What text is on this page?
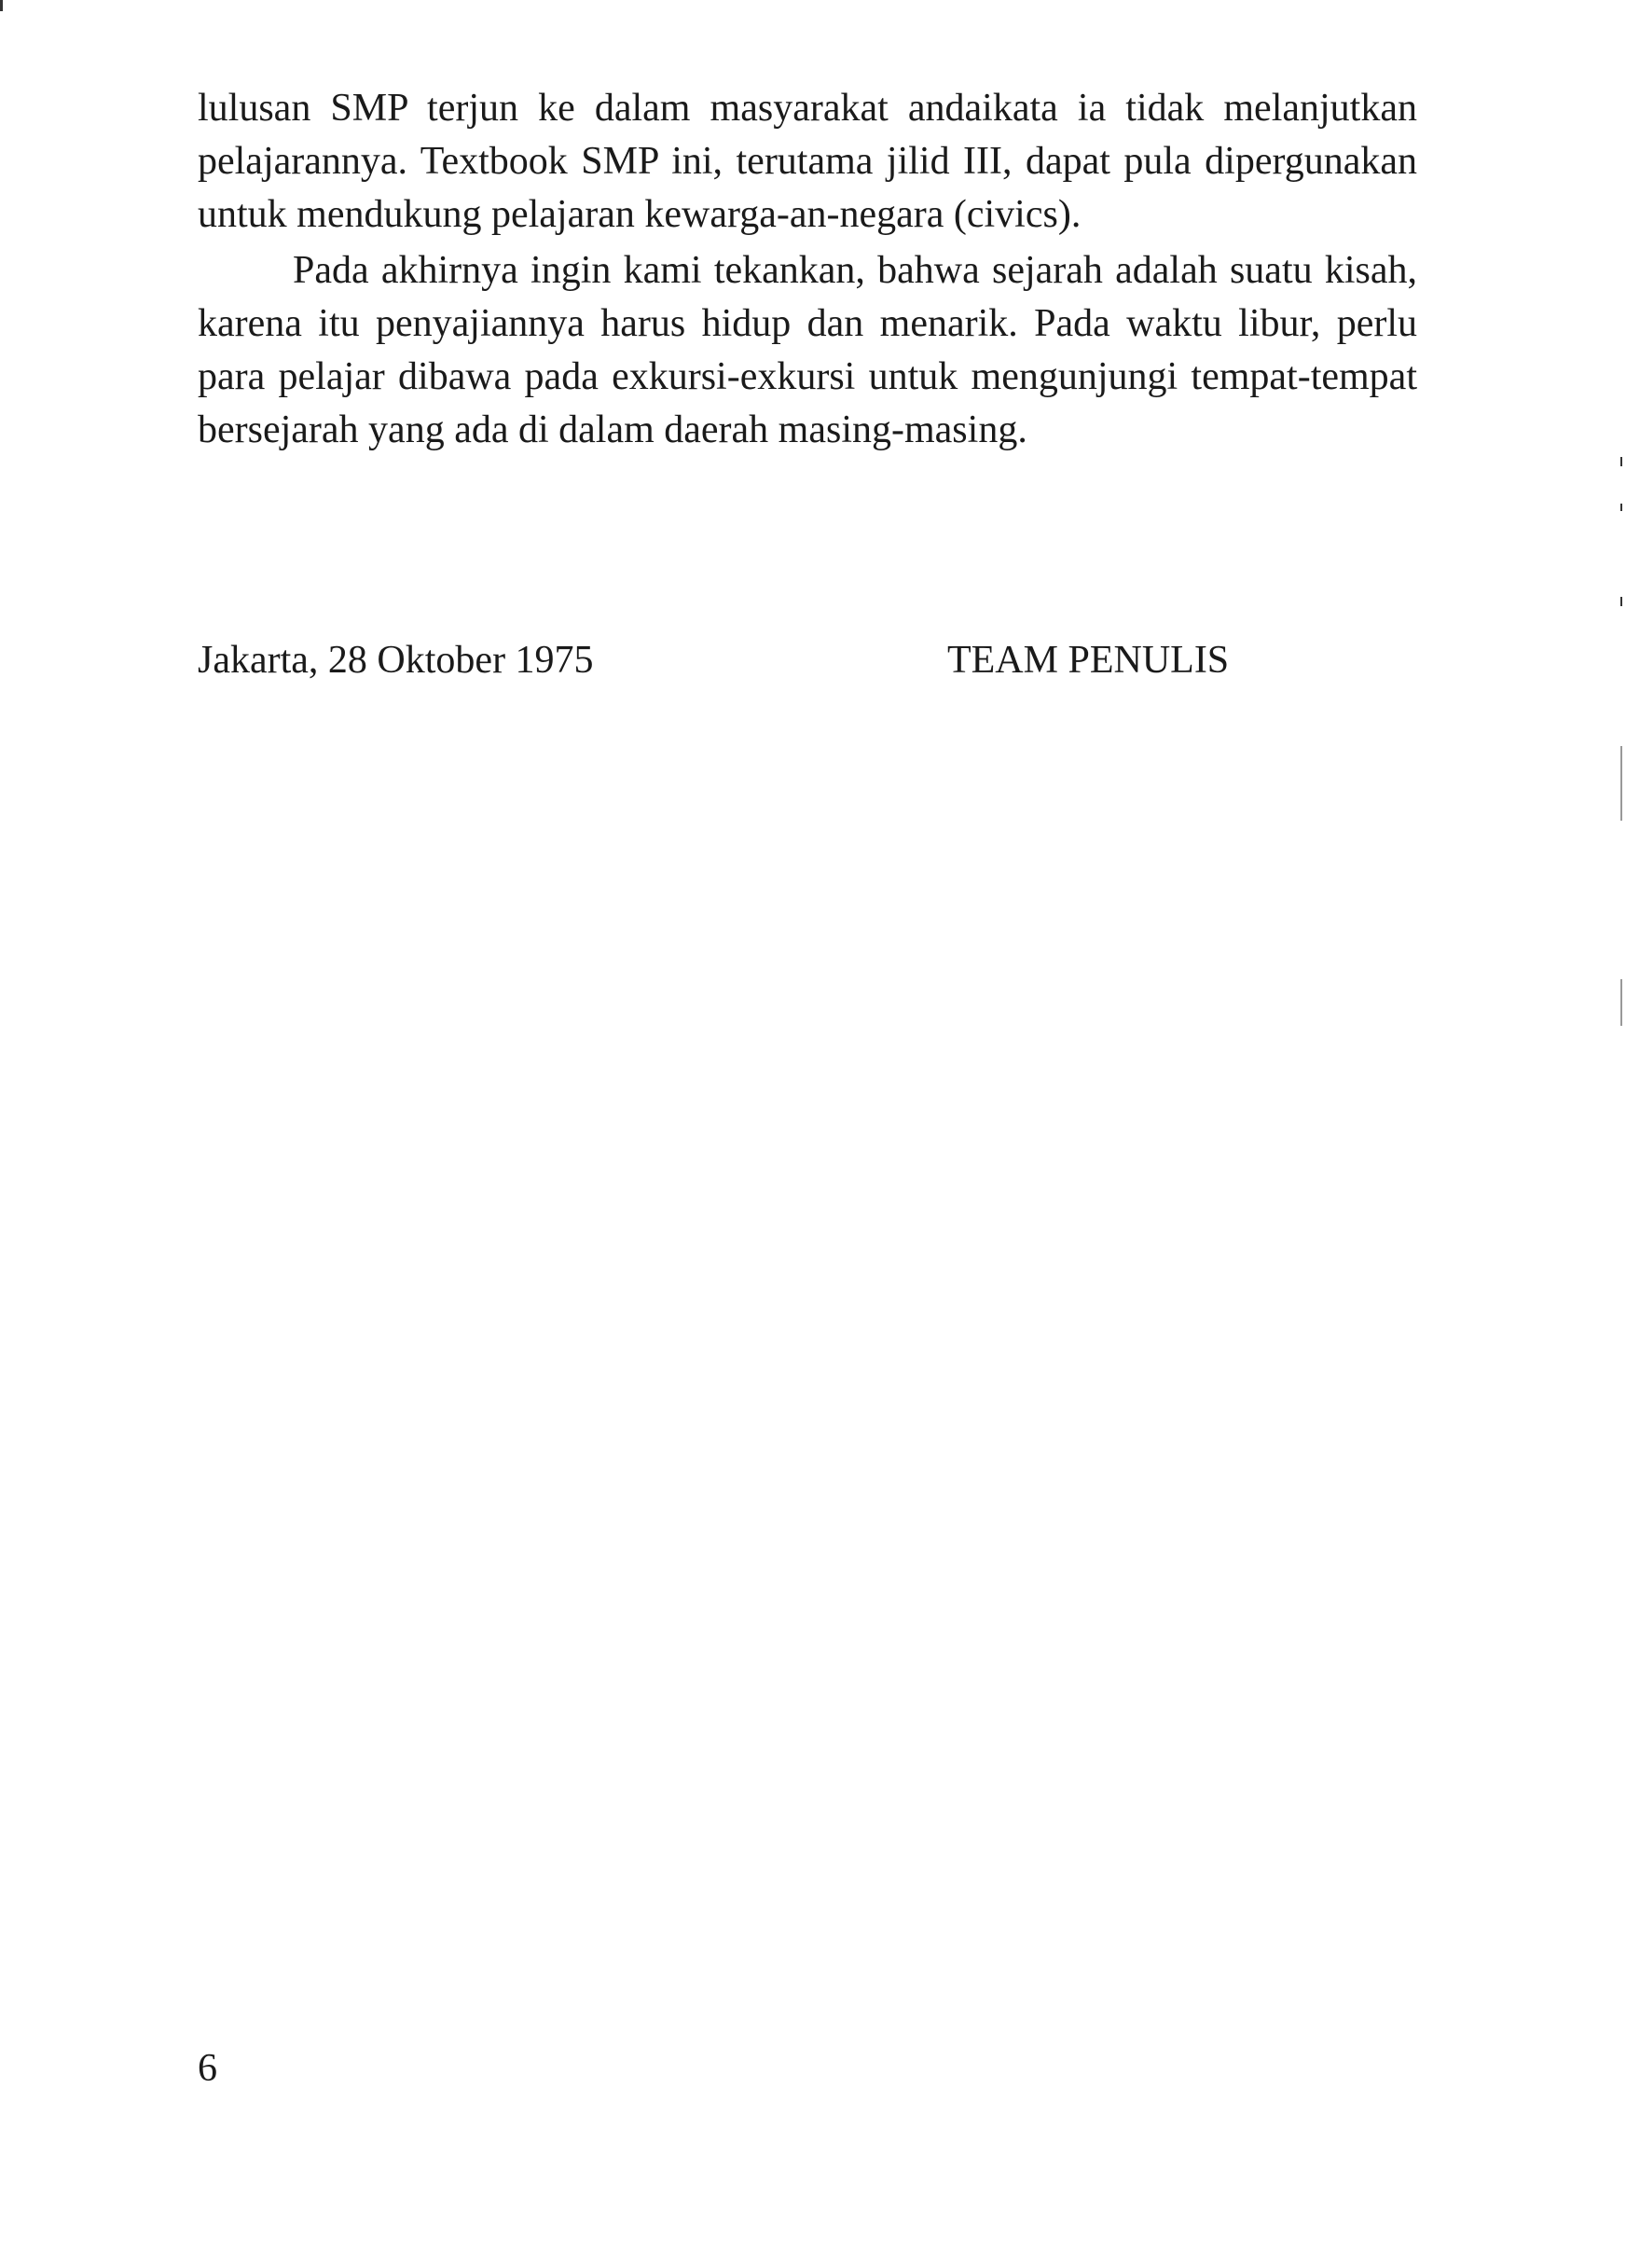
lulusan SMP terjun ke dalam masyarakat andaikata ia tidak melanjutkan pelajarannya. Textbook SMP ini, terutama jilid III, dapat pula dipergunakan untuk mendukung pelajaran kewarga-an-negara (civics).

Pada akhirnya ingin kami tekankan, bahwa sejarah adalah suatu kisah, karena itu penyajiannya harus hidup dan menarik. Pada waktu libur, perlu para pelajar dibawa pada exkursi-exkursi untuk mengunjungi tempat-tempat bersejarah yang ada di dalam daerah masing-masing.

Jakarta, 28 Oktober 1975	TEAM PENULIS
6
